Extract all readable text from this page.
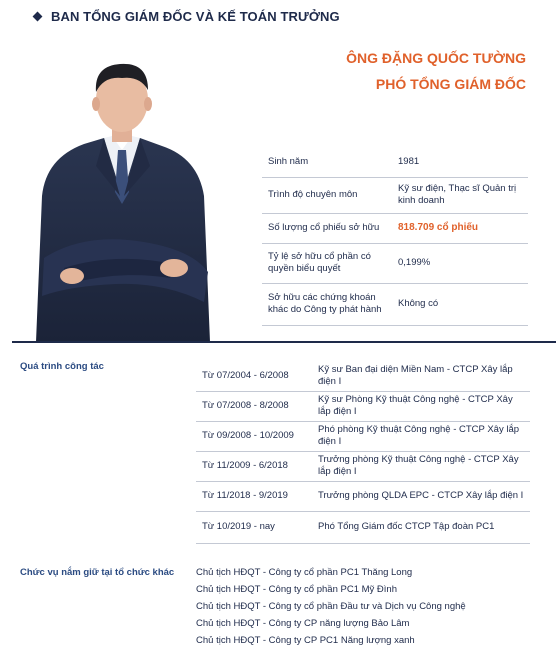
BAN TỔNG GIÁM ĐỐC VÀ KẾ TOÁN TRƯỞNG
ÔNG ĐẶNG QUỐC TƯỜNG
PHÓ TỔNG GIÁM ĐỐC
Sinh năm	1981
Trình độ chuyên môn	Kỹ sư điện, Thạc sĩ Quản trị kinh doanh
Số lượng cổ phiếu sở hữu	818.709 cổ phiếu
Tỷ lệ sở hữu cổ phần có quyền biểu quyết	0,199%
Sở hữu các chứng khoán khác do Công ty phát hành	Không có
Quá trình công tác
Từ 07/2004 - 6/2008	Kỹ sư Ban đại diện Miền Nam - CTCP Xây lắp điện I
Từ 07/2008 - 8/2008	Kỹ sư Phòng Kỹ thuật Công nghệ - CTCP Xây lắp điện I
Từ 09/2008 - 10/2009	Phó phòng Kỹ thuật Công nghệ - CTCP Xây lắp điện I
Từ 11/2009 - 6/2018	Trưởng phòng Kỹ thuật Công nghệ - CTCP Xây lắp điện I
Từ 11/2018 - 9/2019	Trưởng phòng QLDA EPC - CTCP Xây lắp điện I
Từ 10/2019 - nay	Phó Tổng Giám đốc CTCP Tập đoàn PC1
Chức vụ nắm giữ tại tổ chức khác Chủ tịch HĐQT - Công ty cổ phần PC1 Thăng Long
Chủ tịch HĐQT - Công ty cổ phần PC1 Mỹ Đình
Chủ tịch HĐQT - Công ty cổ phần Đầu tư và Dịch vụ Công nghệ
Chủ tịch HĐQT - Công ty CP năng lượng Bảo Lâm
Chủ tịch HĐQT - Công ty CP PC1 Năng lượng xanh
